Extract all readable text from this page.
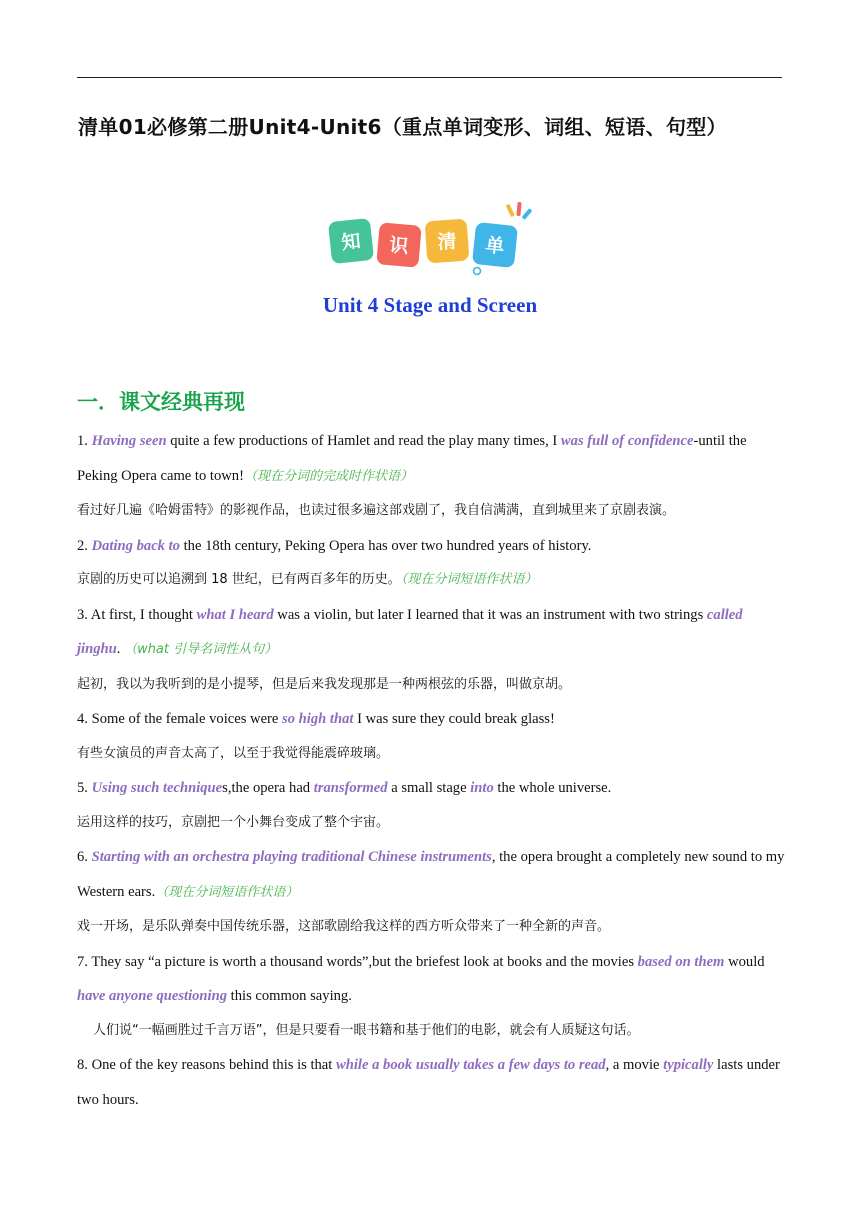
清单01必修第二册Unit4-Unit6（重点单词变形、词组、短语、句型）
知 识 清 单
Unit 4 Stage and Screen
一．课文经典再现

1. Having seen quite a few productions of Hamlet and read the play many times, I was full of confidence-until the Peking Opera came to town!（现在分词的完成时作状语）

看过好几遍《哈姆雷特》的影视作品，也读过很多遍这部戏剧了，我自信满满，直到城里来了京剧表演。

2. Dating back to the 18th century, Peking Opera has over two hundred years of history.

京剧的历史可以追溯到 18 世纪，已有两百多年的历史。（现在分词短语作状语）

3. At first, I thought what I heard was a violin, but later I learned that it was an instrument with two strings called jinghu. （what 引导名词性从句）

起初，我以为我听到的是小提琴，但是后来我发现那是一种两根弦的乐器，叫做京胡。

4. Some of the female voices were so high that I was sure they could break glass!

有些女演员的声音太高了，以至于我觉得能震碎玻璃。

5. Using such techniques,the opera had transformed a small stage into the whole universe.

运用这样的技巧，京剧把一个小舞台变成了整个宇宙。

6. Starting with an orchestra playing traditional Chinese instruments, the opera brought a completely new sound to my Western ears.（现在分词短语作状语）

戏一开场，是乐队弹奏中国传统乐器，这部歌剧给我这样的西方听众带来了一种全新的声音。

7. They say “a picture is worth a thousand words”,but the briefest look at books and the movies based on them would have anyone questioning this common saying.

人们说“一幅画胜过千言万语”，但是只要看一眼书籍和基于他们的电影，就会有人质疑这句话。

8. One of the key reasons behind this is that while a book usually takes a few days to read, a movie typically lasts under two hours.
